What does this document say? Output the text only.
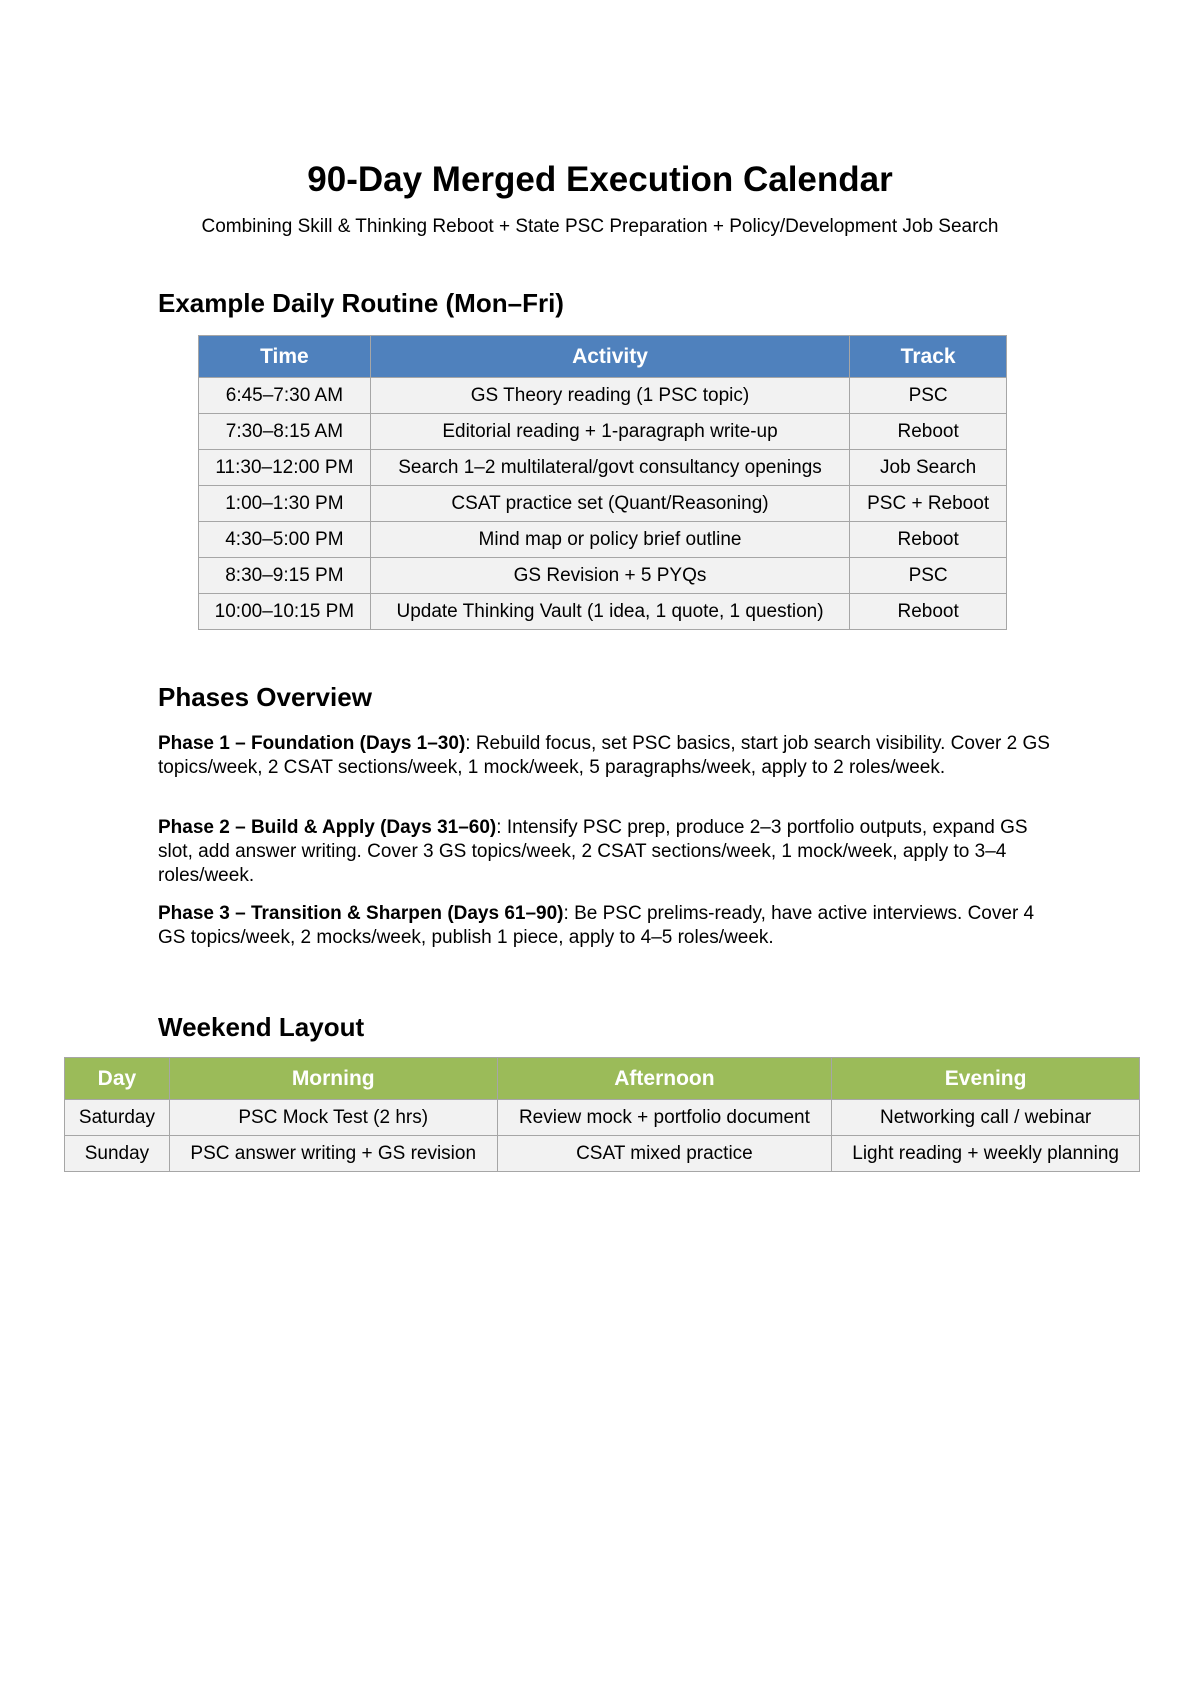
90-Day Merged Execution Calendar

Combining Skill & Thinking Reboot + State PSC Preparation + Policy/Development Job Search

Example Daily Routine (Mon–Fri)
Time	Activity	Track
6:45–7:30 AM	GS Theory reading (1 PSC topic)	PSC
7:30–8:15 AM	Editorial reading + 1-paragraph write-up	Reboot
11:30–12:00 PM	Search 1–2 multilateral/govt consultancy openings	Job Search
1:00–1:30 PM	CSAT practice set (Quant/Reasoning)	PSC + Reboot
4:30–5:00 PM	Mind map or policy brief outline	Reboot
8:30–9:15 PM	GS Revision + 5 PYQs	PSC
10:00–10:15 PM	Update Thinking Vault (1 idea, 1 quote, 1 question)	Reboot
Phases Overview

Phase 1 – Foundation (Days 1–30): Rebuild focus, set PSC basics, start job search visibility. Cover 2 GS topics/week, 2 CSAT sections/week, 1 mock/week, 5 paragraphs/week, apply to 2 roles/week.

Phase 2 – Build & Apply (Days 31–60): Intensify PSC prep, produce 2–3 portfolio outputs, expand GS slot, add answer writing. Cover 3 GS topics/week, 2 CSAT sections/week, 1 mock/week, apply to 3–4 roles/week.

Phase 3 – Transition & Sharpen (Days 61–90): Be PSC prelims-ready, have active interviews. Cover 4 GS topics/week, 2 mocks/week, publish 1 piece, apply to 4–5 roles/week.

Weekend Layout
Day	Morning	Afternoon	Evening
Saturday	PSC Mock Test (2 hrs)	Review mock + portfolio document	Networking call / webinar
Sunday	PSC answer writing + GS revision	CSAT mixed practice	Light reading + weekly planning
